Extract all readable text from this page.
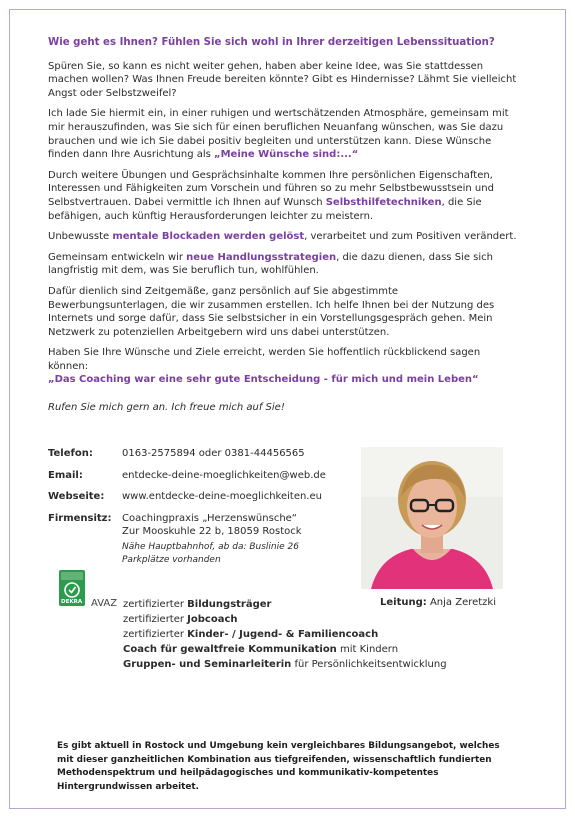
Wie geht es Ihnen? Fühlen Sie sich wohl in Ihrer derzeitigen Lebenssituation?

Spüren Sie, so kann es nicht weiter gehen, haben aber keine Idee, was Sie stattdessen machen wollen? Was Ihnen Freude bereiten könnte? Gibt es Hindernisse? Lähmt Sie vielleicht Angst oder Selbstzweifel?

Ich lade Sie hiermit ein, in einer ruhigen und wertschätzenden Atmosphäre, gemeinsam mit mir herauszufinden, was Sie sich für einen beruflichen Neuanfang wünschen, was Sie dazu brauchen und wie ich Sie dabei positiv begleiten und unterstützen kann. Diese Wünsche finden dann Ihre Ausrichtung als „Meine Wünsche sind:...“

Durch weitere Übungen und Gesprächsinhalte kommen Ihre persönlichen Eigenschaften, Interessen und Fähigkeiten zum Vorschein und führen so zu mehr Selbstbewusstsein und Selbstvertrauen. Dabei vermittle ich Ihnen auf Wunsch Selbsthilfetechniken, die Sie befähigen, auch künftig Herausforderungen leichter zu meistern.

Unbewusste mentale Blockaden werden gelöst, verarbeitet und zum Positiven verändert.

Gemeinsam entwickeln wir neue Handlungsstrategien, die dazu dienen, dass Sie sich langfristig mit dem, was Sie beruflich tun, wohlfühlen.

Dafür dienlich sind Zeitgemäße, ganz persönlich auf Sie abgestimmte Bewerbungsunterlagen, die wir zusammen erstellen. Ich helfe Ihnen bei der Nutzung des Internets und sorge dafür, dass Sie selbstsicher in ein Vorstellungsgespräch gehen. Mein Netzwerk zu potenziellen Arbeitgebern wird uns dabei unterstützen.

Haben Sie Ihre Wünsche und Ziele erreicht, werden Sie hoffentlich rückblickend sagen können:
„Das Coaching war eine sehr gute Entscheidung - für mich und mein Leben“

Rufen Sie mich gern an. Ich freue mich auf Sie!

Telefon:	0163-2575894 oder 0381-44456565
Email:	entdecke-deine-moeglichkeiten@web.de
Webseite:	www.entdecke-deine-moeglichkeiten.eu
Firmensitz:	Coachingpraxis „Herzenswünsche“
Zur Mooskuhle 22 b, 18059 Rostock
Nähe Hauptbahnhof, ab da: Buslinie 26
Parkplätze vorhanden
Leitung: Anja Zeretzki
DEKRA AVAZ zertifizierter Bildungsträger
zertifizierter Jobcoach
zertifizierter Kinder- / Jugend- & Familiencoach
Coach für gewaltfreie Kommunikation mit Kindern
Gruppen- und Seminarleiterin für Persönlichkeitsentwicklung
Es gibt aktuell in Rostock und Umgebung kein vergleichbares Bildungsangebot, welches mit dieser ganzheitlichen Kombination aus tiefgreifenden, wissenschaftlich fundierten Methodenspektrum und heilpädagogisches und kommunikativ-kompetentes Hintergrundwissen arbeitet.
